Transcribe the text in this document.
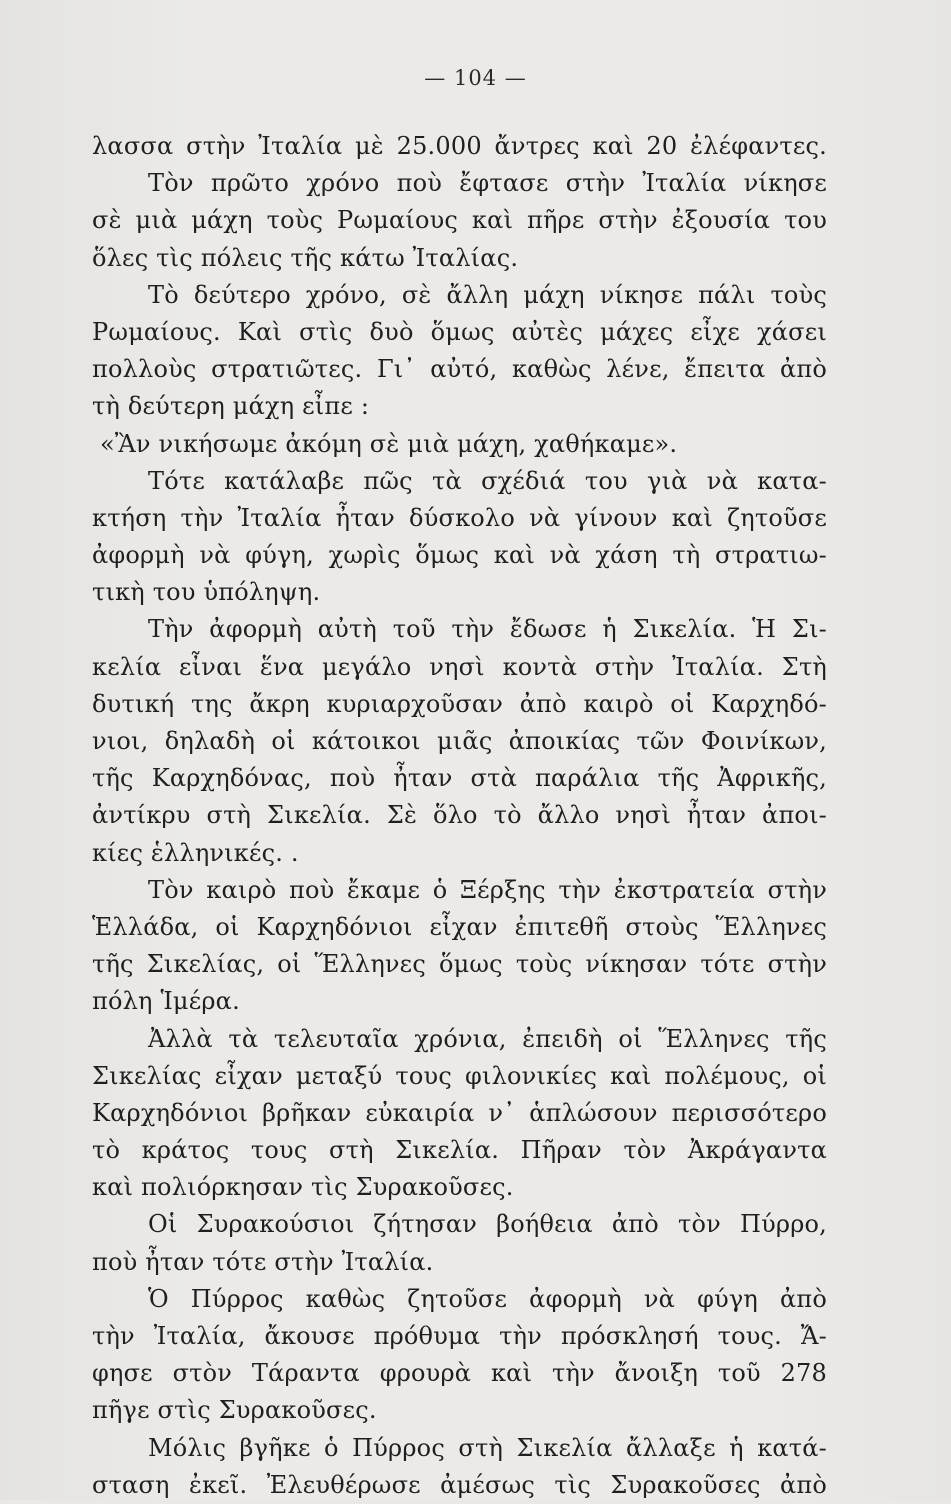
— 104 —
λασσα στὴν Ἰταλία μὲ 25.000 ἄντρες καὶ 20 ἐλέφαντες.
Τὸν πρῶτο χρόνο ποὺ ἔφτασε στὴν Ἰταλία νίκησε
σὲ μιὰ μάχη τοὺς Ρωμαίους καὶ πῆρε στὴν ἐξουσία του
ὅλες τὶς πόλεις τῆς κάτω Ἰταλίας.
Τὸ δεύτερο χρόνο, σὲ ἄλλη μάχη νίκησε πάλι τοὺς
Ρωμαίους. Καὶ στὶς δυὸ ὅμως αὐτὲς μάχες εἶχε χάσει
πολλοὺς στρατιῶτες. Γι᾽ αὐτό, καθὼς λένε, ἔπειτα ἀπὸ
τὴ δεύτερη μάχη εἶπε :
«Ἂν νικήσωμε ἀκόμη σὲ μιὰ μάχη, χαθήκαμε».
Τότε κατάλαβε πῶς τὰ σχέδιά του γιὰ νὰ κατα-
κτήση τὴν Ἰταλία ἦταν δύσκολο νὰ γίνουν καὶ ζητοῦσε
ἀφορμὴ νὰ φύγη, χωρὶς ὅμως καὶ νὰ χάση τὴ στρατιω-
τικὴ του ὑπόληψη.
Τὴν ἀφορμὴ αὐτὴ τοῦ τὴν ἔδωσε ἡ Σικελία. Ἡ Σι-
κελία εἶναι ἕνα μεγάλο νησὶ κοντὰ στὴν Ἰταλία. Στὴ
δυτική της ἄκρη κυριαρχοῦσαν ἀπὸ καιρὸ οἱ Καρχηδό-
νιοι, δηλαδὴ οἱ κάτοικοι μιᾶς ἀποικίας τῶν Φοινίκων,
τῆς Καρχηδόνας, ποὺ ἦταν στὰ παράλια τῆς Ἀφρικῆς,
ἀντίκρυ στὴ Σικελία. Σὲ ὅλο τὸ ἄλλο νησὶ ἦταν ἀποι-
κίες ἑλληνικές. .
Τὸν καιρὸ ποὺ ἔκαμε ὁ Ξέρξης τὴν ἐκστρατεία στὴν
Ἑλλάδα, οἱ Καρχηδόνιοι εἶχαν ἐπιτεθῆ στοὺς Ἕλληνες
τῆς Σικελίας, οἱ Ἕλληνες ὅμως τοὺς νίκησαν τότε στὴν
πόλη Ἱμέρα.
Ἀλλὰ τὰ τελευταῖα χρόνια, ἐπειδὴ οἱ Ἕλληνες τῆς
Σικελίας εἶχαν μεταξύ τους φιλονικίες καὶ πολέμους, οἱ
Καρχηδόνιοι βρῆκαν εὐκαιρία ν᾽ ἁπλώσουν περισσότερο
τὸ κράτος τους στὴ Σικελία. Πῆραν τὸν Ἀκράγαντα
καὶ πολιόρκησαν τὶς Συρακοῦσες.
Οἱ Συρακούσιοι ζήτησαν βοήθεια ἀπὸ τὸν Πύρρο,
ποὺ ἦταν τότε στὴν Ἰταλία.
Ὁ Πύρρος καθὼς ζητοῦσε ἀφορμὴ νὰ φύγη ἀπὸ
τὴν Ἰταλία, ἄκουσε πρόθυμα τὴν πρόσκλησή τους. Ἄ-
φησε στὸν Τάραντα φρουρὰ καὶ τὴν ἄνοιξη τοῦ 278
πῆγε στὶς Συρακοῦσες.
Μόλις βγῆκε ὁ Πύρρος στὴ Σικελία ἄλλαξε ἡ κατά-
σταση ἐκεῖ. Ἐλευθέρωσε ἀμέσως τὶς Συρακοῦσες ἀπὸ
